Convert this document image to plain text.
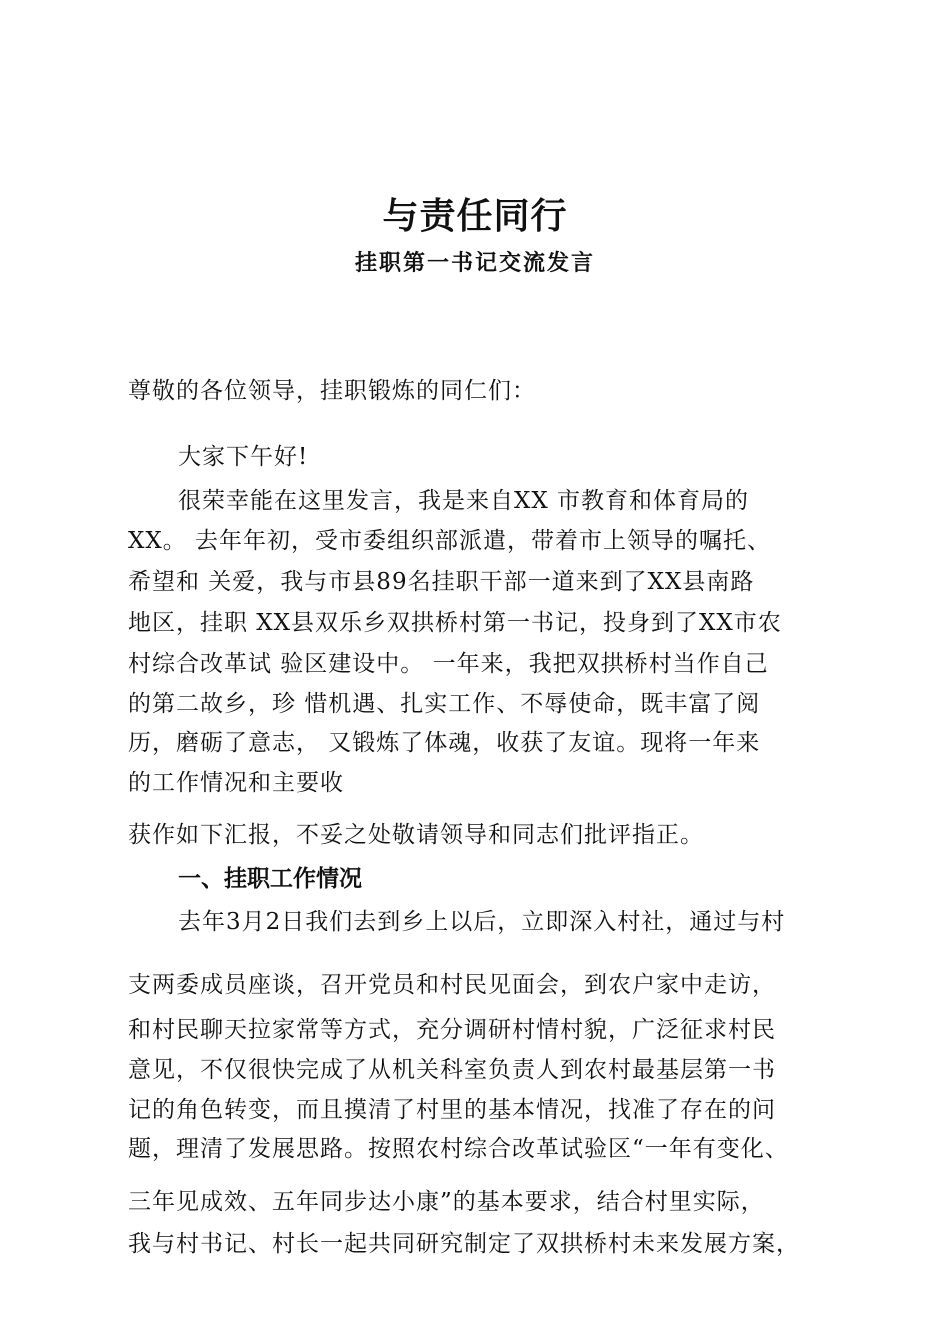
与责任同行
挂职第一书记交流发言
尊敬的各位领导，挂职锻炼的同仁们：
大家下午好!
很荣幸能在这里发言，我是来自XX 市教育和体育局的
XX。 去年年初，受市委组织部派遣，带着市上领导的嘱托、
希望和 关爱，我与市县89名挂职干部一道来到了XX县南路
地区，挂职 XX县双乐乡双拱桥村第一书记，投身到了XX市农
村综合改革试 验区建设中。 一年来，我把双拱桥村当作自己
的第二故乡，珍 惜机遇、扎实工作、不辱使命，既丰富了阅
历，磨砺了意志， 又锻炼了体魂，收获了友谊。现将一年来
的工作情况和主要收
获作如下汇报，不妥之处敬请领导和同志们批评指正。
一、挂职工作情况
去年3月2日我们去到乡上以后，立即深入村社，通过与村
支两委成员座谈，召开党员和村民见面会，到农户家中走访，
和村民聊天拉家常等方式，充分调研村情村貌，广泛征求村民
意见，不仅很快完成了从机关科室负责人到农村最基层第一书
记的角色转变，而且摸清了村里的基本情况，找准了存在的问
题，理清了发展思路。按照农村综合改革试验区“一年有变化、
三年见成效、五年同步达小康”的基本要求，结合村里实际，
我与村书记、村长一起共同研究制定了双拱桥村未来发展方案，
